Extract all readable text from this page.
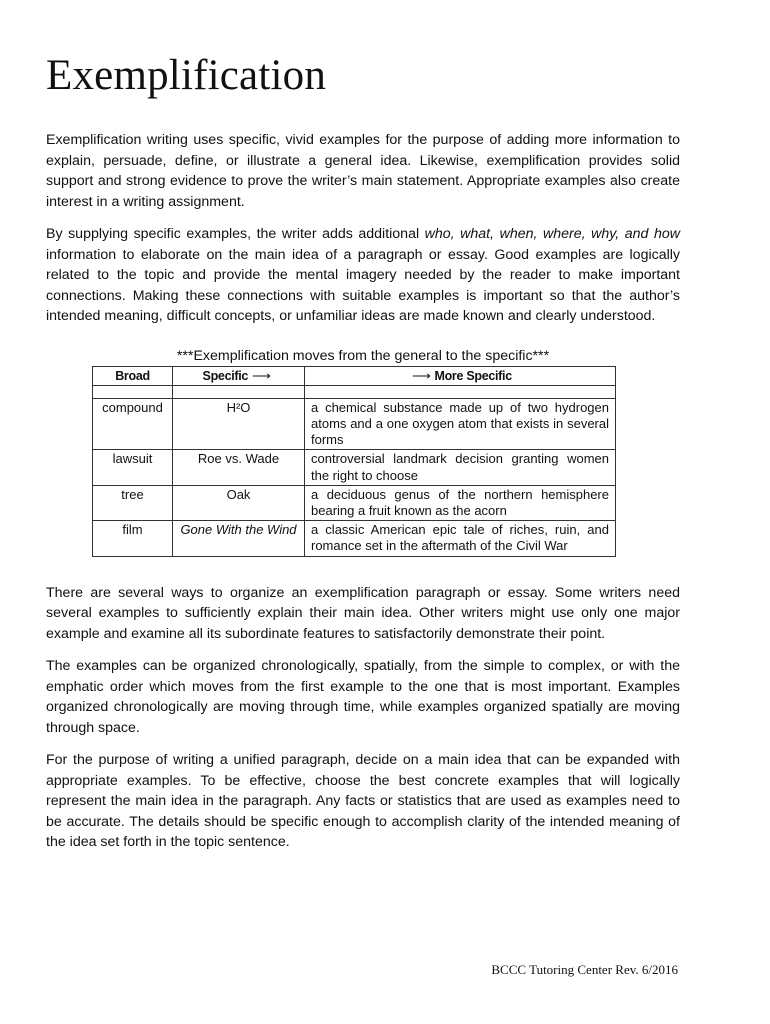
Exemplification

Exemplification writing uses specific, vivid examples for the purpose of adding more information to explain, persuade, define, or illustrate a general idea. Likewise, exemplification provides solid support and strong evidence to prove the writer’s main statement. Appropriate examples also create interest in a writing assignment.

By supplying specific examples, the writer adds additional who, what, when, where, why, and how information to elaborate on the main idea of a paragraph or essay. Good examples are logically related to the topic and provide the mental imagery needed by the reader to make important connections. Making these connections with suitable examples is important so that the author’s intended meaning, difficult concepts, or unfamiliar ideas are made known and clearly understood.

***Exemplification moves from the general to the specific***
Broad	Specific ⟶	⟶ More Specific

compound	H²O	a chemical substance made up of two hydrogen atoms and a one oxygen atom that exists in several forms
lawsuit	Roe vs. Wade	controversial landmark decision granting women the right to choose
tree	Oak	a deciduous genus of the northern hemisphere bearing a fruit known as the acorn
film	Gone With the Wind	a classic American epic tale of riches, ruin, and romance set in the aftermath of the Civil War

There are several ways to organize an exemplification paragraph or essay. Some writers need several examples to sufficiently explain their main idea. Other writers might use only one major example and examine all its subordinate features to satisfactorily demonstrate their point.

The examples can be organized chronologically, spatially, from the simple to complex, or with the emphatic order which moves from the first example to the one that is most important. Examples organized chronologically are moving through time, while examples organized spatially are moving through space.

For the purpose of writing a unified paragraph, decide on a main idea that can be expanded with appropriate examples. To be effective, choose the best concrete examples that will logically represent the main idea in the paragraph. Any facts or statistics that are used as examples need to be accurate. The details should be specific enough to accomplish clarity of the intended meaning of the idea set forth in the topic sentence.

BCCC Tutoring Center Rev. 6/2016
